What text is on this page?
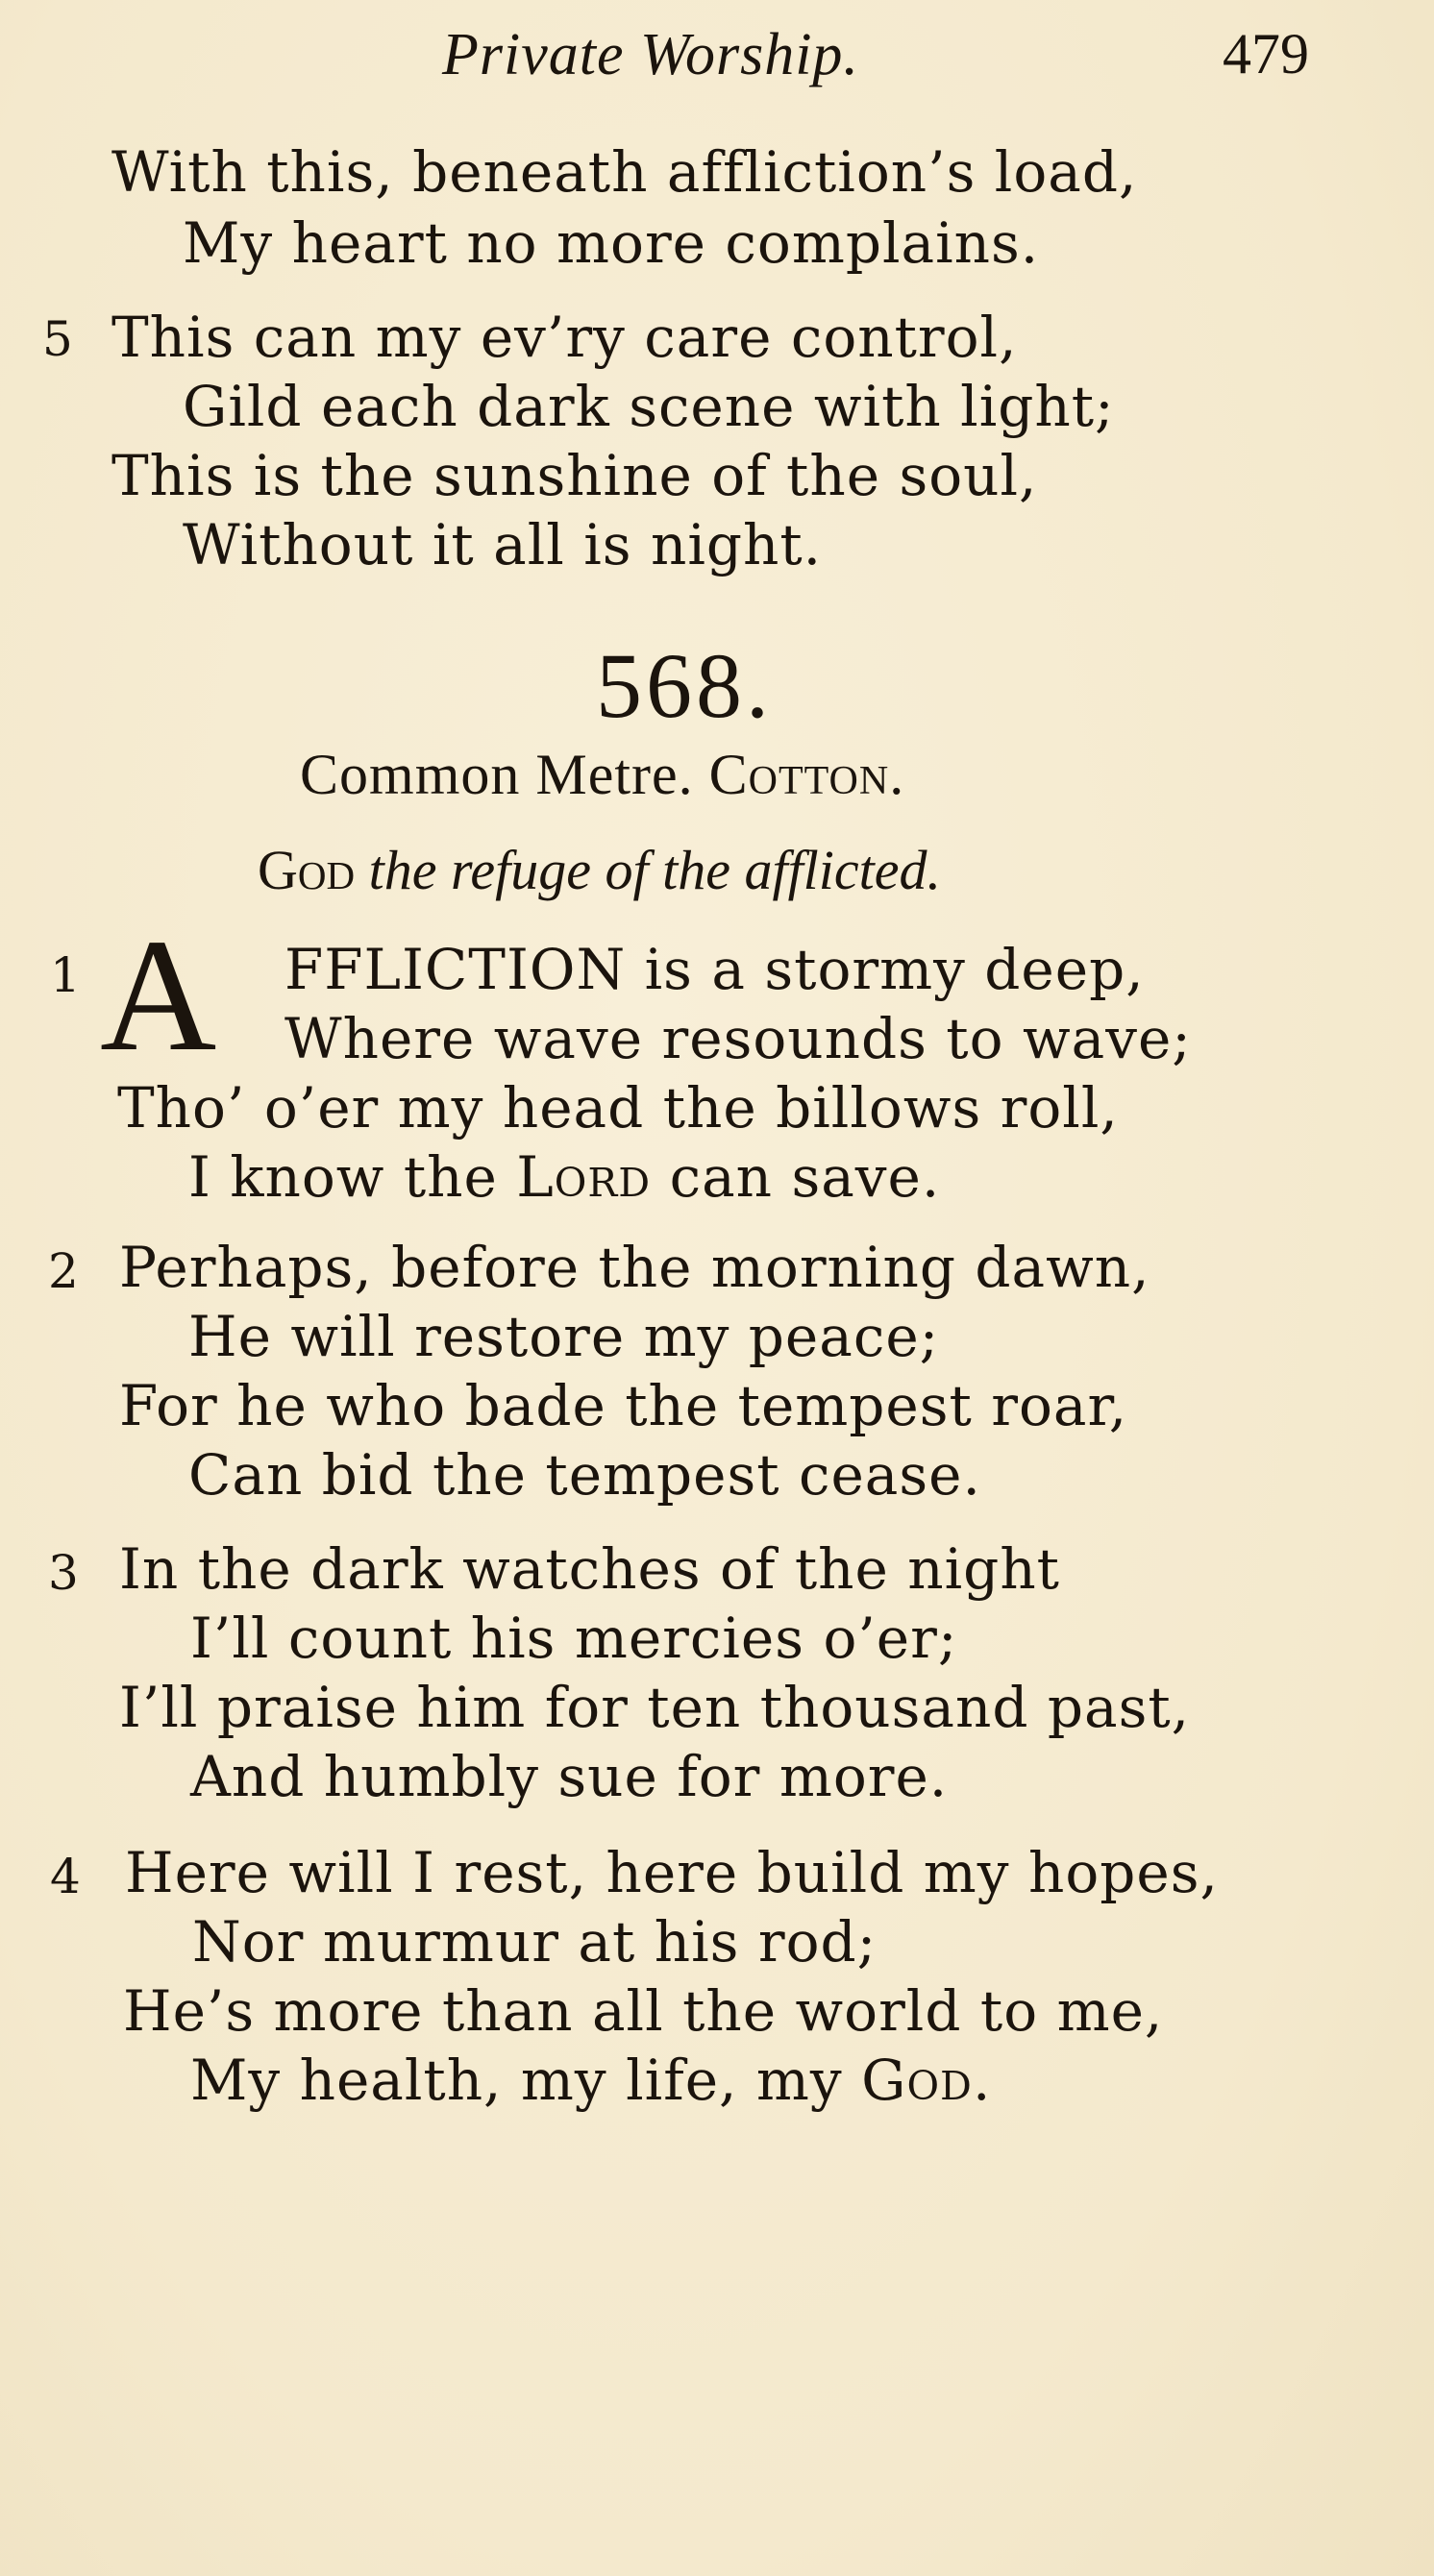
Private Worship.	479
With this, beneath affliction’s load,
My heart no more complains.
5 This can my ev’ry care control,
Gild each dark scene with light;
This is the sunshine of the soul,
Without it all is night.
568.
Common Metre. Cotton.
God the refuge of the afflicted.
1 A FFLICTION is a stormy deep,
Where wave resounds to wave;
Tho’ o’er my head the billows roll,
I know the Lord can save.
2 Perhaps, before the morning dawn,
He will restore my peace;
For he who bade the tempest roar,
Can bid the tempest cease.
3 In the dark watches of the night
I’ll count his mercies o’er;
I’ll praise him for ten thousand past,
And humbly sue for more.
4 Here will I rest, here build my hopes,
Nor murmur at his rod;
He’s more than all the world to me,
My health, my life, my God.
